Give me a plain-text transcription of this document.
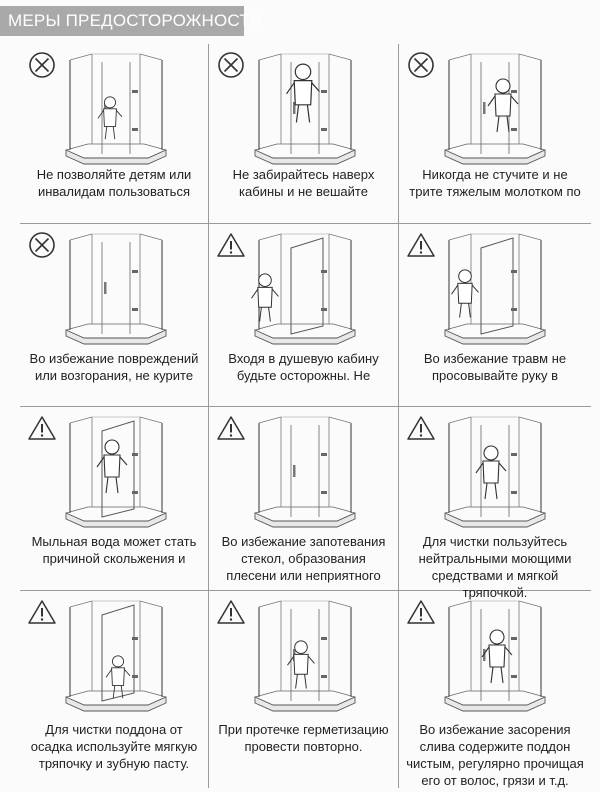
МЕРЫ ПРЕДОСТОРОЖНОСТИ
Не позволяйте детям или
инвалидам пользоваться
Не забирайтесь наверх
кабины и не вешайте
Никогда не стучите и не
трите тяжелым молотком по
Во избежание повреждений
или возгорания, не курите
Входя в душевую кабину
будьте осторожны. Не
Во избежание травм не
просовывайте руку в
Мыльная вода может стать
причиной скольжения и
Во избежание запотевания
стекол, образования
плесени или неприятного
Для чистки пользуйтесь
нейтральными моющими
средствами и мягкой
тряпочкой.
Для чистки поддона от
осадка используйте мягкую
тряпочку и зубную пасту.
При протечке герметизацию
провести повторно.
Во избежание засорения
слива содержите поддон
чистым, регулярно прочищая
его от волос, грязи и т.д.
